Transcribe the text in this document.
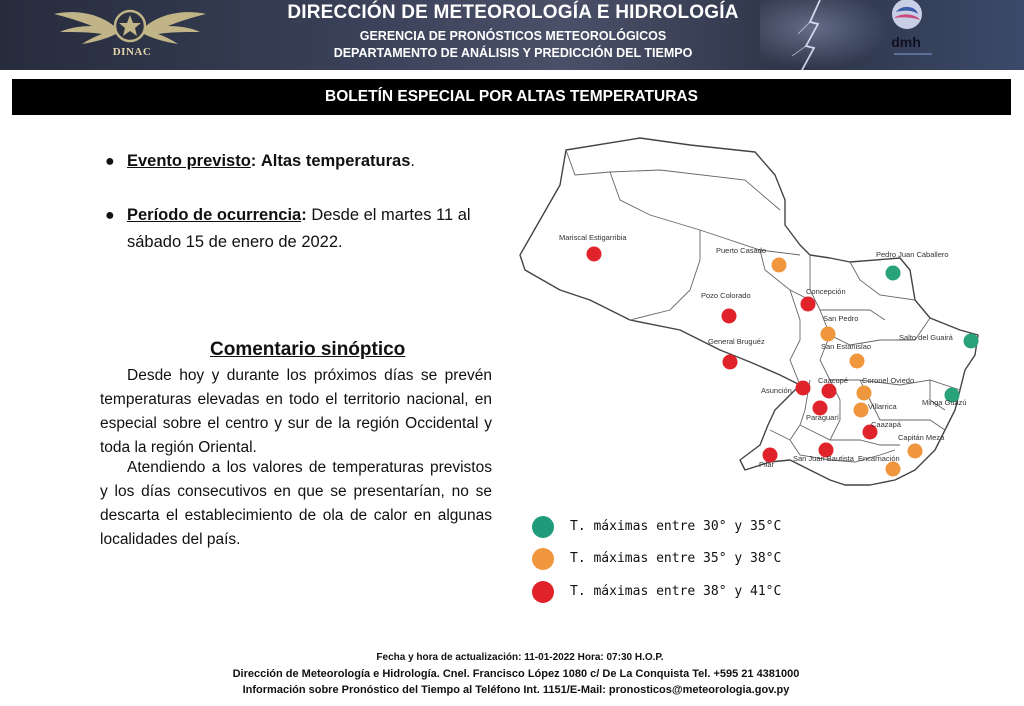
DINAC
DIRECCIÓN DE METEOROLOGÍA E HIDROLOGÍA
GERENCIA DE PRONÓSTICOS METEOROLÓGICOS
DEPARTAMENTO DE ANÁLISIS Y PREDICCIÓN DEL TIEMPO
dmh
BOLETÍN ESPECIAL POR ALTAS TEMPERATURAS
● Evento previsto: Altas temperaturas.
● Período de ocurrencia: Desde el martes 11 al
sábado 15 de enero de 2022.
Comentario sinóptico
Desde hoy y durante los próximos días se prevén temperaturas elevadas en todo el territorio nacional, en especial sobre el centro y sur de la región Occidental y toda la región Oriental.
Atendiendo a los valores de temperaturas previstos y los días consecutivos en que se presentarían, no se descarta el establecimiento de ola de calor en algunas localidades del país.
Mariscal Estigarribia
Puerto Casado	Pedro Juan Caballero
Pozo Colorado	Concepción
San Pedro
General Bruguéz
San Estanislao
Salto del Guairá
Asunción
Caacupé Coronel Oviedo
Minga Guazú
Paraguarí
Villarrica
Caazapá
Capitán Meza
Pilar
San Juan Bautista Encarnación
T. máximas entre 30° y 35°C
T. máximas entre 35° y 38°C
T. máximas entre 38° y 41°C
Fecha y hora de actualización: 11-01-2022 Hora: 07:30 H.O.P.
Dirección de Meteorología e Hidrología. Cnel. Francisco López 1080 c/ De La Conquista Tel. +595 21 4381000
Información sobre Pronóstico del Tiempo al Teléfono Int. 1151/E-Mail: pronosticos@meteorologia.gov.py
